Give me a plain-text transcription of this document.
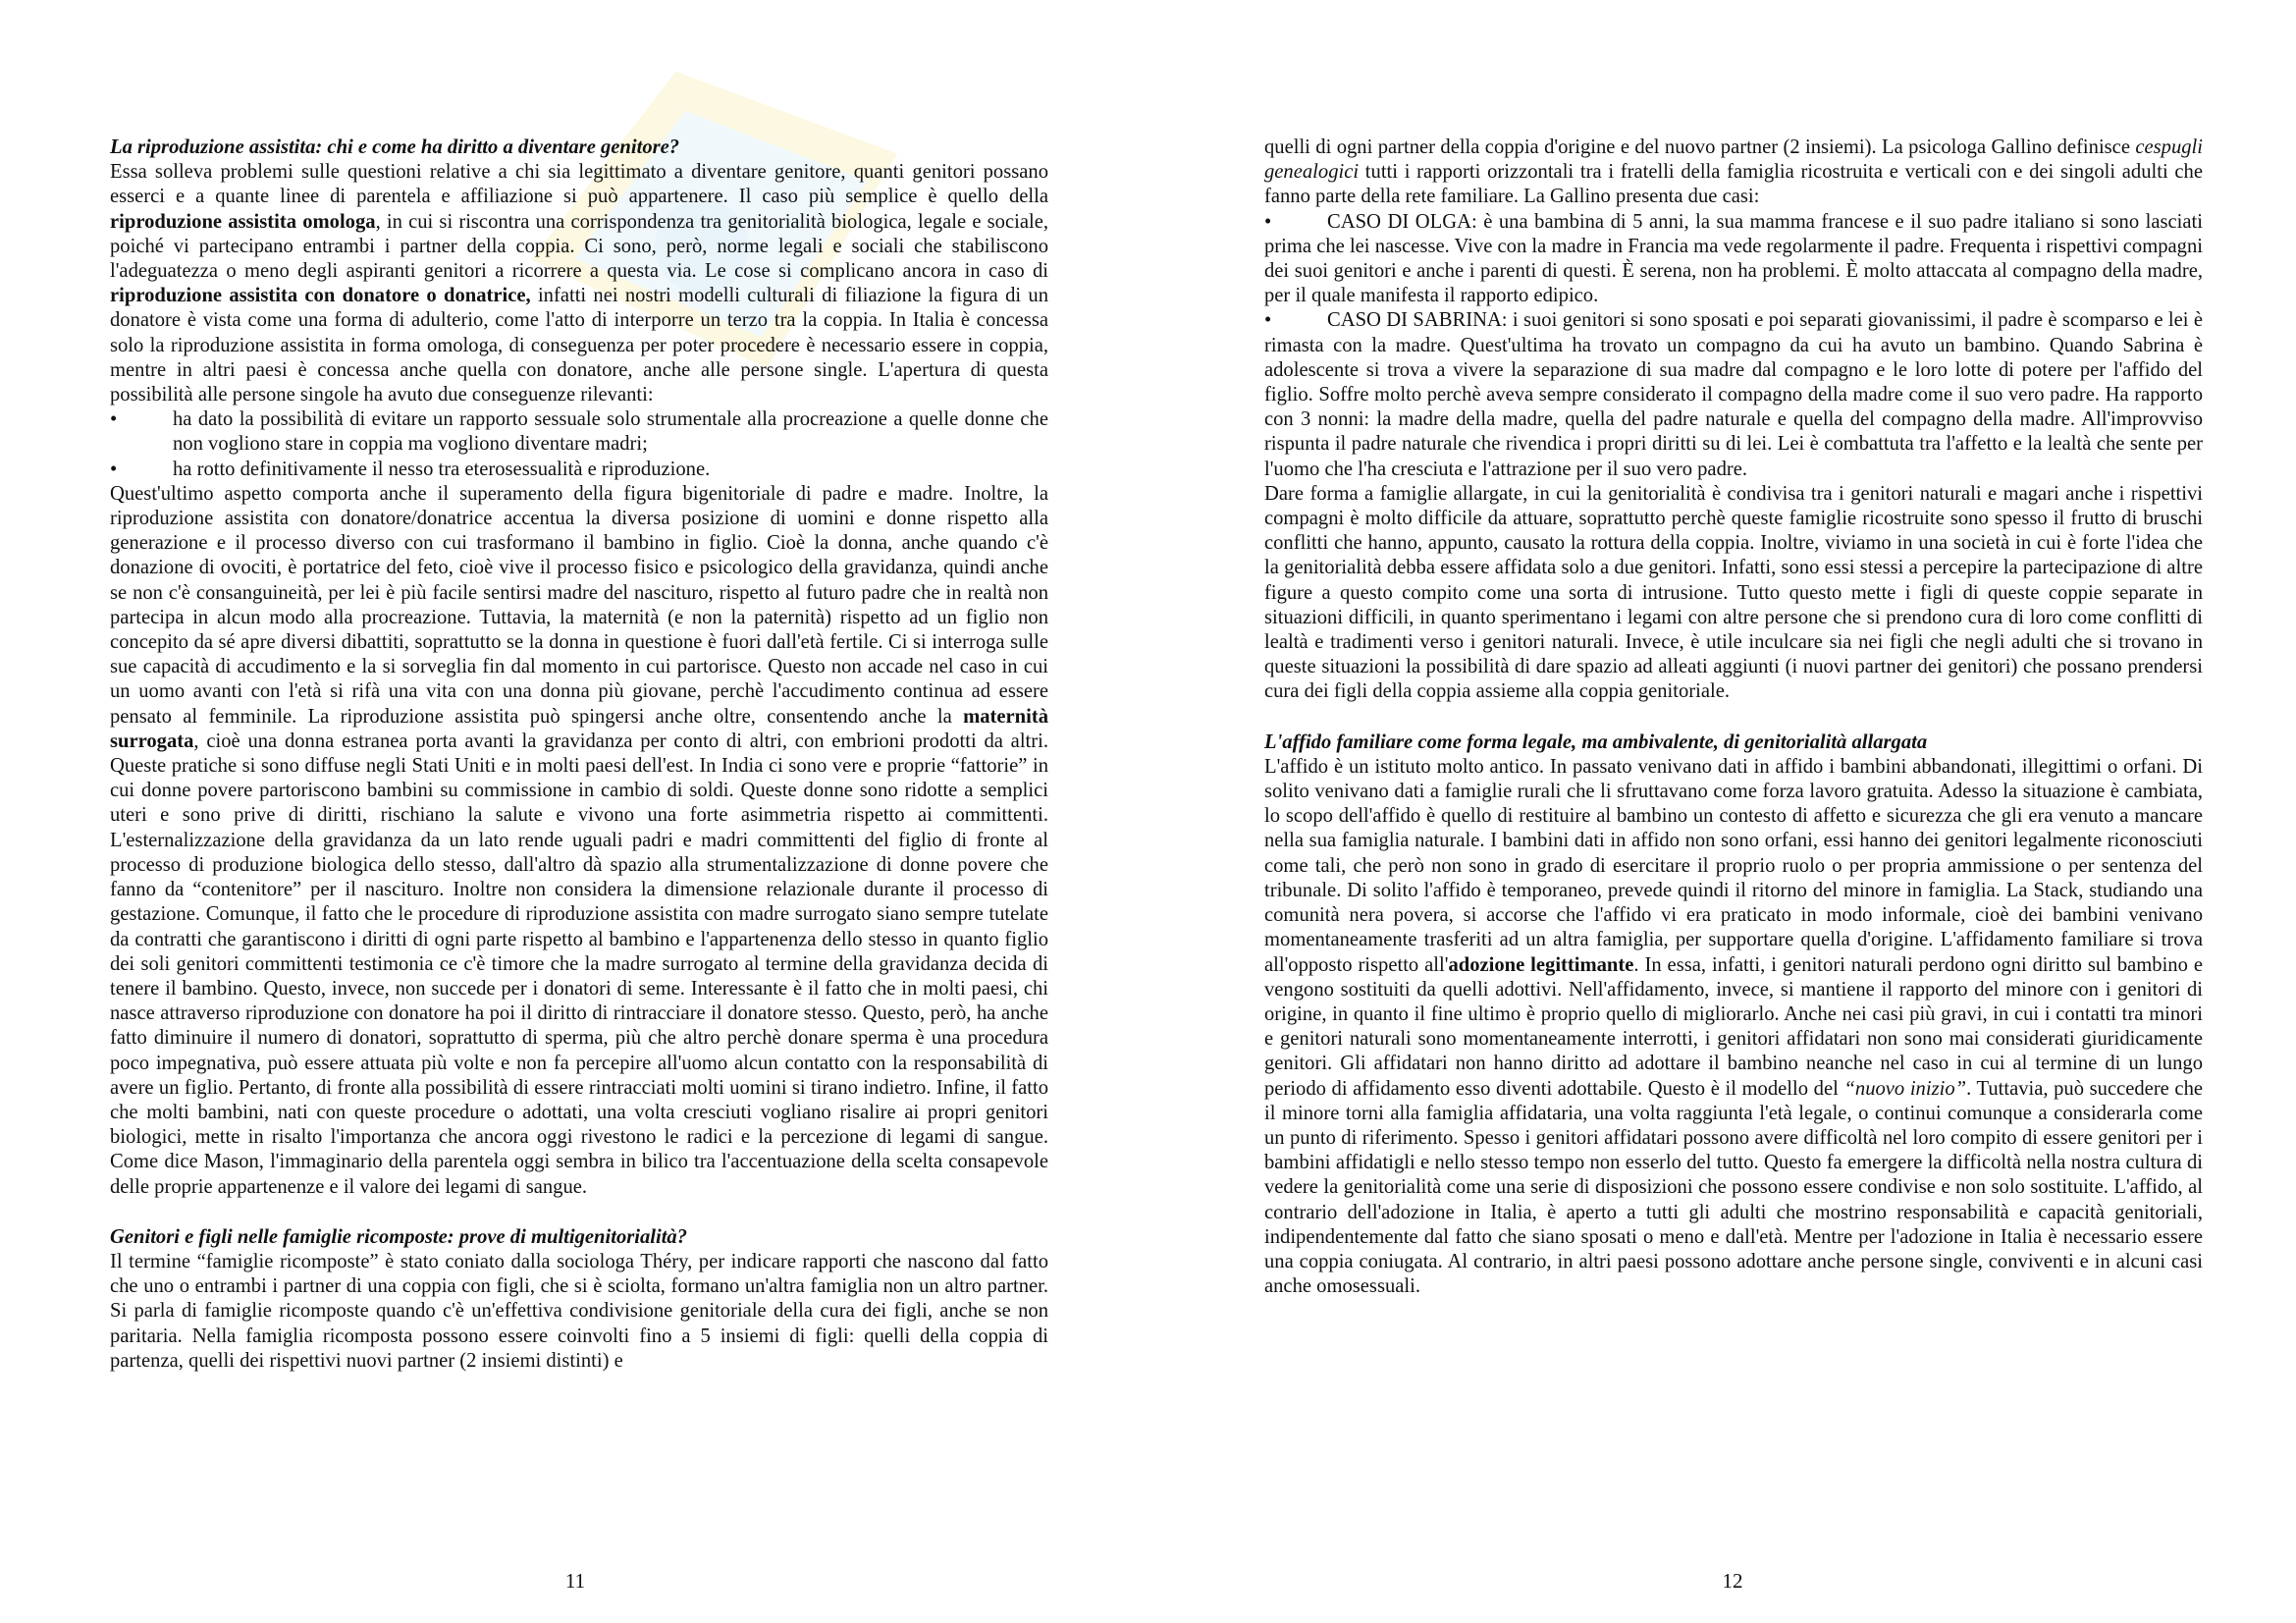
La riproduzione assistita: chi e come ha diritto a diventare genitore?

Essa solleva problemi sulle questioni relative a chi sia legittimato a diventare genitore, quanti genitori possano esserci e a quante linee di parentela e affiliazione si può appartenere. Il caso più semplice è quello della riproduzione assistita omologa, in cui si riscontra una corrispondenza tra genitorialità biologica, legale e sociale, poiché vi partecipano entrambi i partner della coppia. Ci sono, però, norme legali e sociali che stabiliscono l'adeguatezza o meno degli aspiranti genitori a ricorrere a questa via. Le cose si complicano ancora in caso di riproduzione assistita con donatore o donatrice, infatti nei nostri modelli culturali di filiazione la figura di un donatore è vista come una forma di adulterio, come l'atto di interporre un terzo tra la coppia. In Italia è concessa solo la riproduzione assistita in forma omologa, di conseguenza per poter procedere è necessario essere in coppia, mentre in altri paesi è concessa anche quella con donatore, anche alle persone single. L'apertura di questa possibilità alle persone singole ha avuto due conseguenze rilevanti:

•	ha dato la possibilità di evitare un rapporto sessuale solo strumentale alla procreazione a quelle donne che non vogliono stare in coppia ma vogliono diventare madri;
•	ha rotto definitivamente il nesso tra eterosessualità e riproduzione.

Quest'ultimo aspetto comporta anche il superamento della figura bigenitoriale di padre e madre. Inoltre, la riproduzione assistita con donatore/donatrice accentua la diversa posizione di uomini e donne rispetto alla generazione e il processo diverso con cui trasformano il bambino in figlio. Cioè la donna, anche quando c'è donazione di ovociti, è portatrice del feto, cioè vive il processo fisico e psicologico della gravidanza, quindi anche se non c'è consanguineità, per lei è più facile sentirsi madre del nascituro, rispetto al futuro padre che in realtà non partecipa in alcun modo alla procreazione. Tuttavia, la maternità (e non la paternità) rispetto ad un figlio non concepito da sé apre diversi dibattiti, soprattutto se la donna in questione è fuori dall'età fertile. Ci si interroga sulle sue capacità di accudimento e la si sorveglia fin dal momento in cui partorisce. Questo non accade nel caso in cui un uomo avanti con l'età si rifà una vita con una donna più giovane, perchè l'accudimento continua ad essere pensato al femminile. La riproduzione assistita può spingersi anche oltre, consentendo anche la maternità surrogata, cioè una donna estranea porta avanti la gravidanza per conto di altri, con embrioni prodotti da altri. Queste pratiche si sono diffuse negli Stati Uniti e in molti paesi dell'est. In India ci sono vere e proprie “fattorie” in cui donne povere partoriscono bambini su commissione in cambio di soldi. Queste donne sono ridotte a semplici uteri e sono prive di diritti, rischiano la salute e vivono una forte asimmetria rispetto ai committenti. L'esternalizzazione della gravidanza da un lato rende uguali padri e madri committenti del figlio di fronte al processo di produzione biologica dello stesso, dall'altro dà spazio alla strumentalizzazione di donne povere che fanno da “contenitore” per il nascituro. Inoltre non considera la dimensione relazionale durante il processo di gestazione. Comunque, il fatto che le procedure di riproduzione assistita con madre surrogato siano sempre tutelate da contratti che garantiscono i diritti di ogni parte rispetto al bambino e l'appartenenza dello stesso in quanto figlio dei soli genitori committenti testimonia ce c'è timore che la madre surrogato al termine della gravidanza decida di tenere il bambino. Questo, invece, non succede per i donatori di seme. Interessante è il fatto che in molti paesi, chi nasce attraverso riproduzione con donatore ha poi il diritto di rintracciare il donatore stesso. Questo, però, ha anche fatto diminuire il numero di donatori, soprattutto di sperma, più che altro perchè donare sperma è una procedura poco impegnativa, può essere attuata più volte e non fa percepire all'uomo alcun contatto con la responsabilità di avere un figlio. Pertanto, di fronte alla possibilità di essere rintracciati molti uomini si tirano indietro. Infine, il fatto che molti bambini, nati con queste procedure o adottati, una volta cresciuti vogliano risalire ai propri genitori biologici, mette in risalto l'importanza che ancora oggi rivestono le radici e la percezione di legami di sangue. Come dice Mason, l'immaginario della parentela oggi sembra in bilico tra l'accentuazione della scelta consapevole delle proprie appartenenze e il valore dei legami di sangue.

Genitori e figli nelle famiglie ricomposte: prove di multigenitorialità?

Il termine “famiglie ricomposte” è stato coniato dalla sociologa Théry, per indicare rapporti che nascono dal fatto che uno o entrambi i partner di una coppia con figli, che si è sciolta, formano un'altra famiglia non un altro partner. Si parla di famiglie ricomposte quando c'è un'effettiva condivisione genitoriale della cura dei figli, anche se non paritaria. Nella famiglia ricomposta possono essere coinvolti fino a 5 insiemi di figli: quelli della coppia di partenza, quelli dei rispettivi nuovi partner (2 insiemi distinti) e

11

quelli di ogni partner della coppia d'origine e del nuovo partner (2 insiemi). La psicologa Gallino definisce cespugli genealogici tutti i rapporti orizzontali tra i fratelli della famiglia ricostruita e verticali con e dei singoli adulti che fanno parte della rete familiare. La Gallino presenta due casi:

•	CASO DI OLGA: è una bambina di 5 anni, la sua mamma francese e il suo padre italiano si sono lasciati prima che lei nascesse. Vive con la madre in Francia ma vede regolarmente il padre. Frequenta i rispettivi compagni dei suoi genitori e anche i parenti di questi. È serena, non ha problemi. È molto attaccata al compagno della madre, per il quale manifesta il rapporto edipico.

•	CASO DI SABRINA: i suoi genitori si sono sposati e poi separati giovanissimi, il padre è scomparso e lei è rimasta con la madre. Quest'ultima ha trovato un compagno da cui ha avuto un bambino. Quando Sabrina è adolescente si trova a vivere la separazione di sua madre dal compagno e le loro lotte di potere per l'affido del figlio. Soffre molto perchè aveva sempre considerato il compagno della madre come il suo vero padre. Ha rapporto con 3 nonni: la madre della madre, quella del padre naturale e quella del compagno della madre. All'improvviso rispunta il padre naturale che rivendica i propri diritti su di lei. Lei è combattuta tra l'affetto e la lealtà che sente per l'uomo che l'ha cresciuta e l'attrazione per il suo vero padre.

Dare forma a famiglie allargate, in cui la genitorialità è condivisa tra i genitori naturali e magari anche i rispettivi compagni è molto difficile da attuare, soprattutto perchè queste famiglie ricostruite sono spesso il frutto di bruschi conflitti che hanno, appunto, causato la rottura della coppia. Inoltre, viviamo in una società in cui è forte l'idea che la genitorialità debba essere affidata solo a due genitori. Infatti, sono essi stessi a percepire la partecipazione di altre figure a questo compito come una sorta di intrusione. Tutto questo mette i figli di queste coppie separate in situazioni difficili, in quanto sperimentano i legami con altre persone che si prendono cura di loro come conflitti di lealtà e tradimenti verso i genitori naturali. Invece, è utile inculcare sia nei figli che negli adulti che si trovano in queste situazioni la possibilità di dare spazio ad alleati aggiunti (i nuovi partner dei genitori) che possano prendersi cura dei figli della coppia assieme alla coppia genitoriale.

L'affido familiare come forma legale, ma ambivalente, di genitorialità allargata

L'affido è un istituto molto antico. In passato venivano dati in affido i bambini abbandonati, illegittimi o orfani. Di solito venivano dati a famiglie rurali che li sfruttavano come forza lavoro gratuita. Adesso la situazione è cambiata, lo scopo dell'affido è quello di restituire al bambino un contesto di affetto e sicurezza che gli era venuto a mancare nella sua famiglia naturale. I bambini dati in affido non sono orfani, essi hanno dei genitori legalmente riconosciuti come tali, che però non sono in grado di esercitare il proprio ruolo o per propria ammissione o per sentenza del tribunale. Di solito l'affido è temporaneo, prevede quindi il ritorno del minore in famiglia. La Stack, studiando una comunità nera povera, si accorse che l'affido vi era praticato in modo informale, cioè dei bambini venivano momentaneamente trasferiti ad un altra famiglia, per supportare quella d'origine. L'affidamento familiare si trova all'opposto rispetto all'adozione legittimante. In essa, infatti, i genitori naturali perdono ogni diritto sul bambino e vengono sostituiti da quelli adottivi. Nell'affidamento, invece, si mantiene il rapporto del minore con i genitori di origine, in quanto il fine ultimo è proprio quello di migliorarlo. Anche nei casi più gravi, in cui i contatti tra minori e genitori naturali sono momentaneamente interrotti, i genitori affidatari non sono mai considerati giuridicamente genitori. Gli affidatari non hanno diritto ad adottare il bambino neanche nel caso in cui al termine di un lungo periodo di affidamento esso diventi adottabile. Questo è il modello del “nuovo inizio”. Tuttavia, può succedere che il minore torni alla famiglia affidataria, una volta raggiunta l'età legale, o continui comunque a considerarla come un punto di riferimento. Spesso i genitori affidatari possono avere difficoltà nel loro compito di essere genitori per i bambini affidatigli e nello stesso tempo non esserlo del tutto. Questo fa emergere la difficoltà nella nostra cultura di vedere la genitorialità come una serie di disposizioni che possono essere condivise e non solo sostituite. L'affido, al contrario dell'adozione in Italia, è aperto a tutti gli adulti che mostrino responsabilità e capacità genitoriali, indipendentemente dal fatto che siano sposati o meno e dall'età. Mentre per l'adozione in Italia è necessario essere una coppia coniugata. Al contrario, in altri paesi possono adottare anche persone single, conviventi e in alcuni casi anche omosessuali.

12
